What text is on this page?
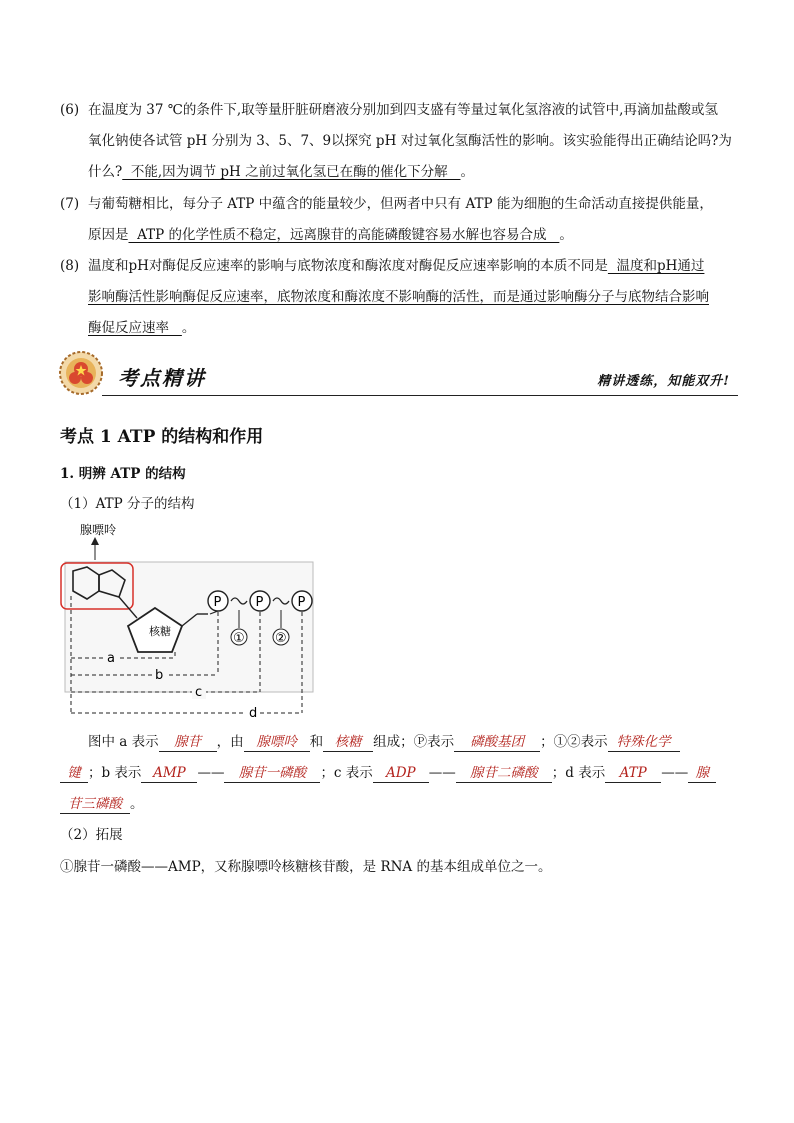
(6) 在温度为 37 ℃的条件下,取等量肝脏研磨液分别加到四支盛有等量过氧化氢溶液的试管中,再滴加盐酸或氢
氧化钠使各试管 pH 分别为 3、5、7、9以探究 pH 对过氧化氢酶活性的影响。该实验能得出正确结论吗?为
什么?  不能,因为调节 pH 之前过氧化氢已在酶的催化下分解   。
(7) 与葡萄糖相比，每分子 ATP 中蕴含的能量较少，但两者中只有 ATP 能为细胞的生命活动直接提供能量，
原因是  ATP 的化学性质不稳定，远离腺苷的高能磷酸键容易水解也容易合成   。
(8) 温度和pH对酶促反应速率的影响与底物浓度和酶浓度对酶促反应速率影响的本质不同是  温度和pH通过
影响酶活性影响酶促反应速率，底物浓度和酶浓度不影响酶的活性，而是通过影响酶分子与底物结合影响
酶促反应速率   。
考点精讲	精讲透练，知能双升!
考点 1 ATP 的结构和作用
1. 明辨 ATP 的结构
（1）ATP 分子的结构
腺嘌呤
核糖
P	P	P
① ②
a
b
c
d
图中 a 表示 腺苷 ，由 腺嘌呤 和 核糖 组成；Ⓟ表示 磷酸基团 ；①②表示 特殊化学
键 ；b 表示 AMP —— 腺苷一磷酸 ；c 表示 ADP —— 腺苷二磷酸 ；d 表示 ATP —— 腺
苷三磷酸 。
（2）拓展
①腺苷一磷酸——AMP，又称腺嘌呤核糖核苷酸，是 RNA 的基本组成单位之一。
